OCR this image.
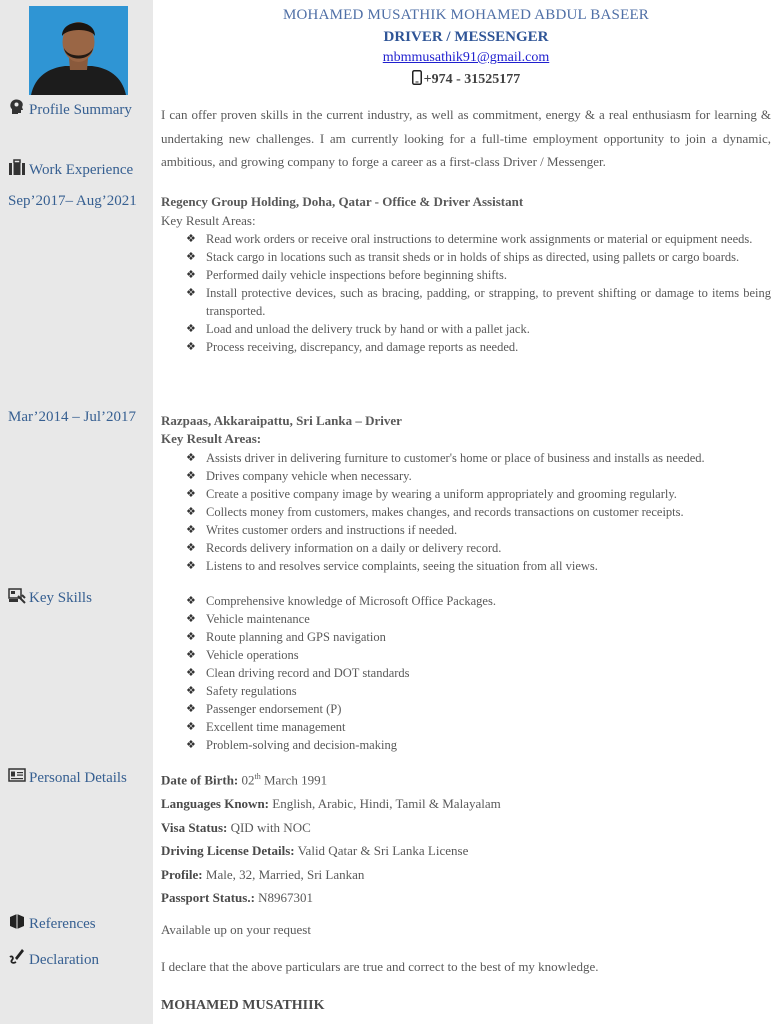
Profile Summary
Work Experience
Sep’2017– Aug’2021
Mar’2014 – Jul’2017
Key Skills
Personal Details
References
Declaration
MOHAMED MUSATHIK MOHAMED ABDUL BASEER
DRIVER / MESSENGER
mbmmusathik91@gmail.com
+974 - 31525177
I can offer proven skills in the current industry, as well as commitment, energy & a real enthusiasm for learning & undertaking new challenges. I am currently looking for a full-time employment opportunity to join a dynamic, ambitious, and growing company to forge a career as a first-class Driver / Messenger.
Regency Group Holding, Doha, Qatar - Office & Driver Assistant
Key Result Areas:
❖ Read work orders or receive oral instructions to determine work assignments or material or equipment needs.
❖ Stack cargo in locations such as transit sheds or in holds of ships as directed, using pallets or cargo boards.
❖ Performed daily vehicle inspections before beginning shifts.
❖ Install protective devices, such as bracing, padding, or strapping, to prevent shifting or damage to items being transported.
❖ Load and unload the delivery truck by hand or with a pallet jack.
❖ Process receiving, discrepancy, and damage reports as needed.
Razpaas, Akkaraipattu, Sri Lanka – Driver
Key Result Areas:
❖ Assists driver in delivering furniture to customer's home or place of business and installs as needed.
❖ Drives company vehicle when necessary.
❖ Create a positive company image by wearing a uniform appropriately and grooming regularly.
❖ Collects money from customers, makes changes, and records transactions on customer receipts.
❖ Writes customer orders and instructions if needed.
❖ Records delivery information on a daily or delivery record.
❖ Listens to and resolves service complaints, seeing the situation from all views.
❖ Comprehensive knowledge of Microsoft Office Packages.
❖ Vehicle maintenance
❖ Route planning and GPS navigation
❖ Vehicle operations
❖ Clean driving record and DOT standards
❖ Safety regulations
❖ Passenger endorsement (P)
❖ Excellent time management
❖ Problem-solving and decision-making
Date of Birth: 02th March 1991
Languages Known: English, Arabic, Hindi, Tamil & Malayalam
Visa Status: QID with NOC
Driving License Details: Valid Qatar & Sri Lanka License
Profile: Male, 32, Married, Sri Lankan
Passport Status.: N8967301
Available up on your request
I declare that the above particulars are true and correct to the best of my knowledge.
MOHAMED MUSATHIIK
